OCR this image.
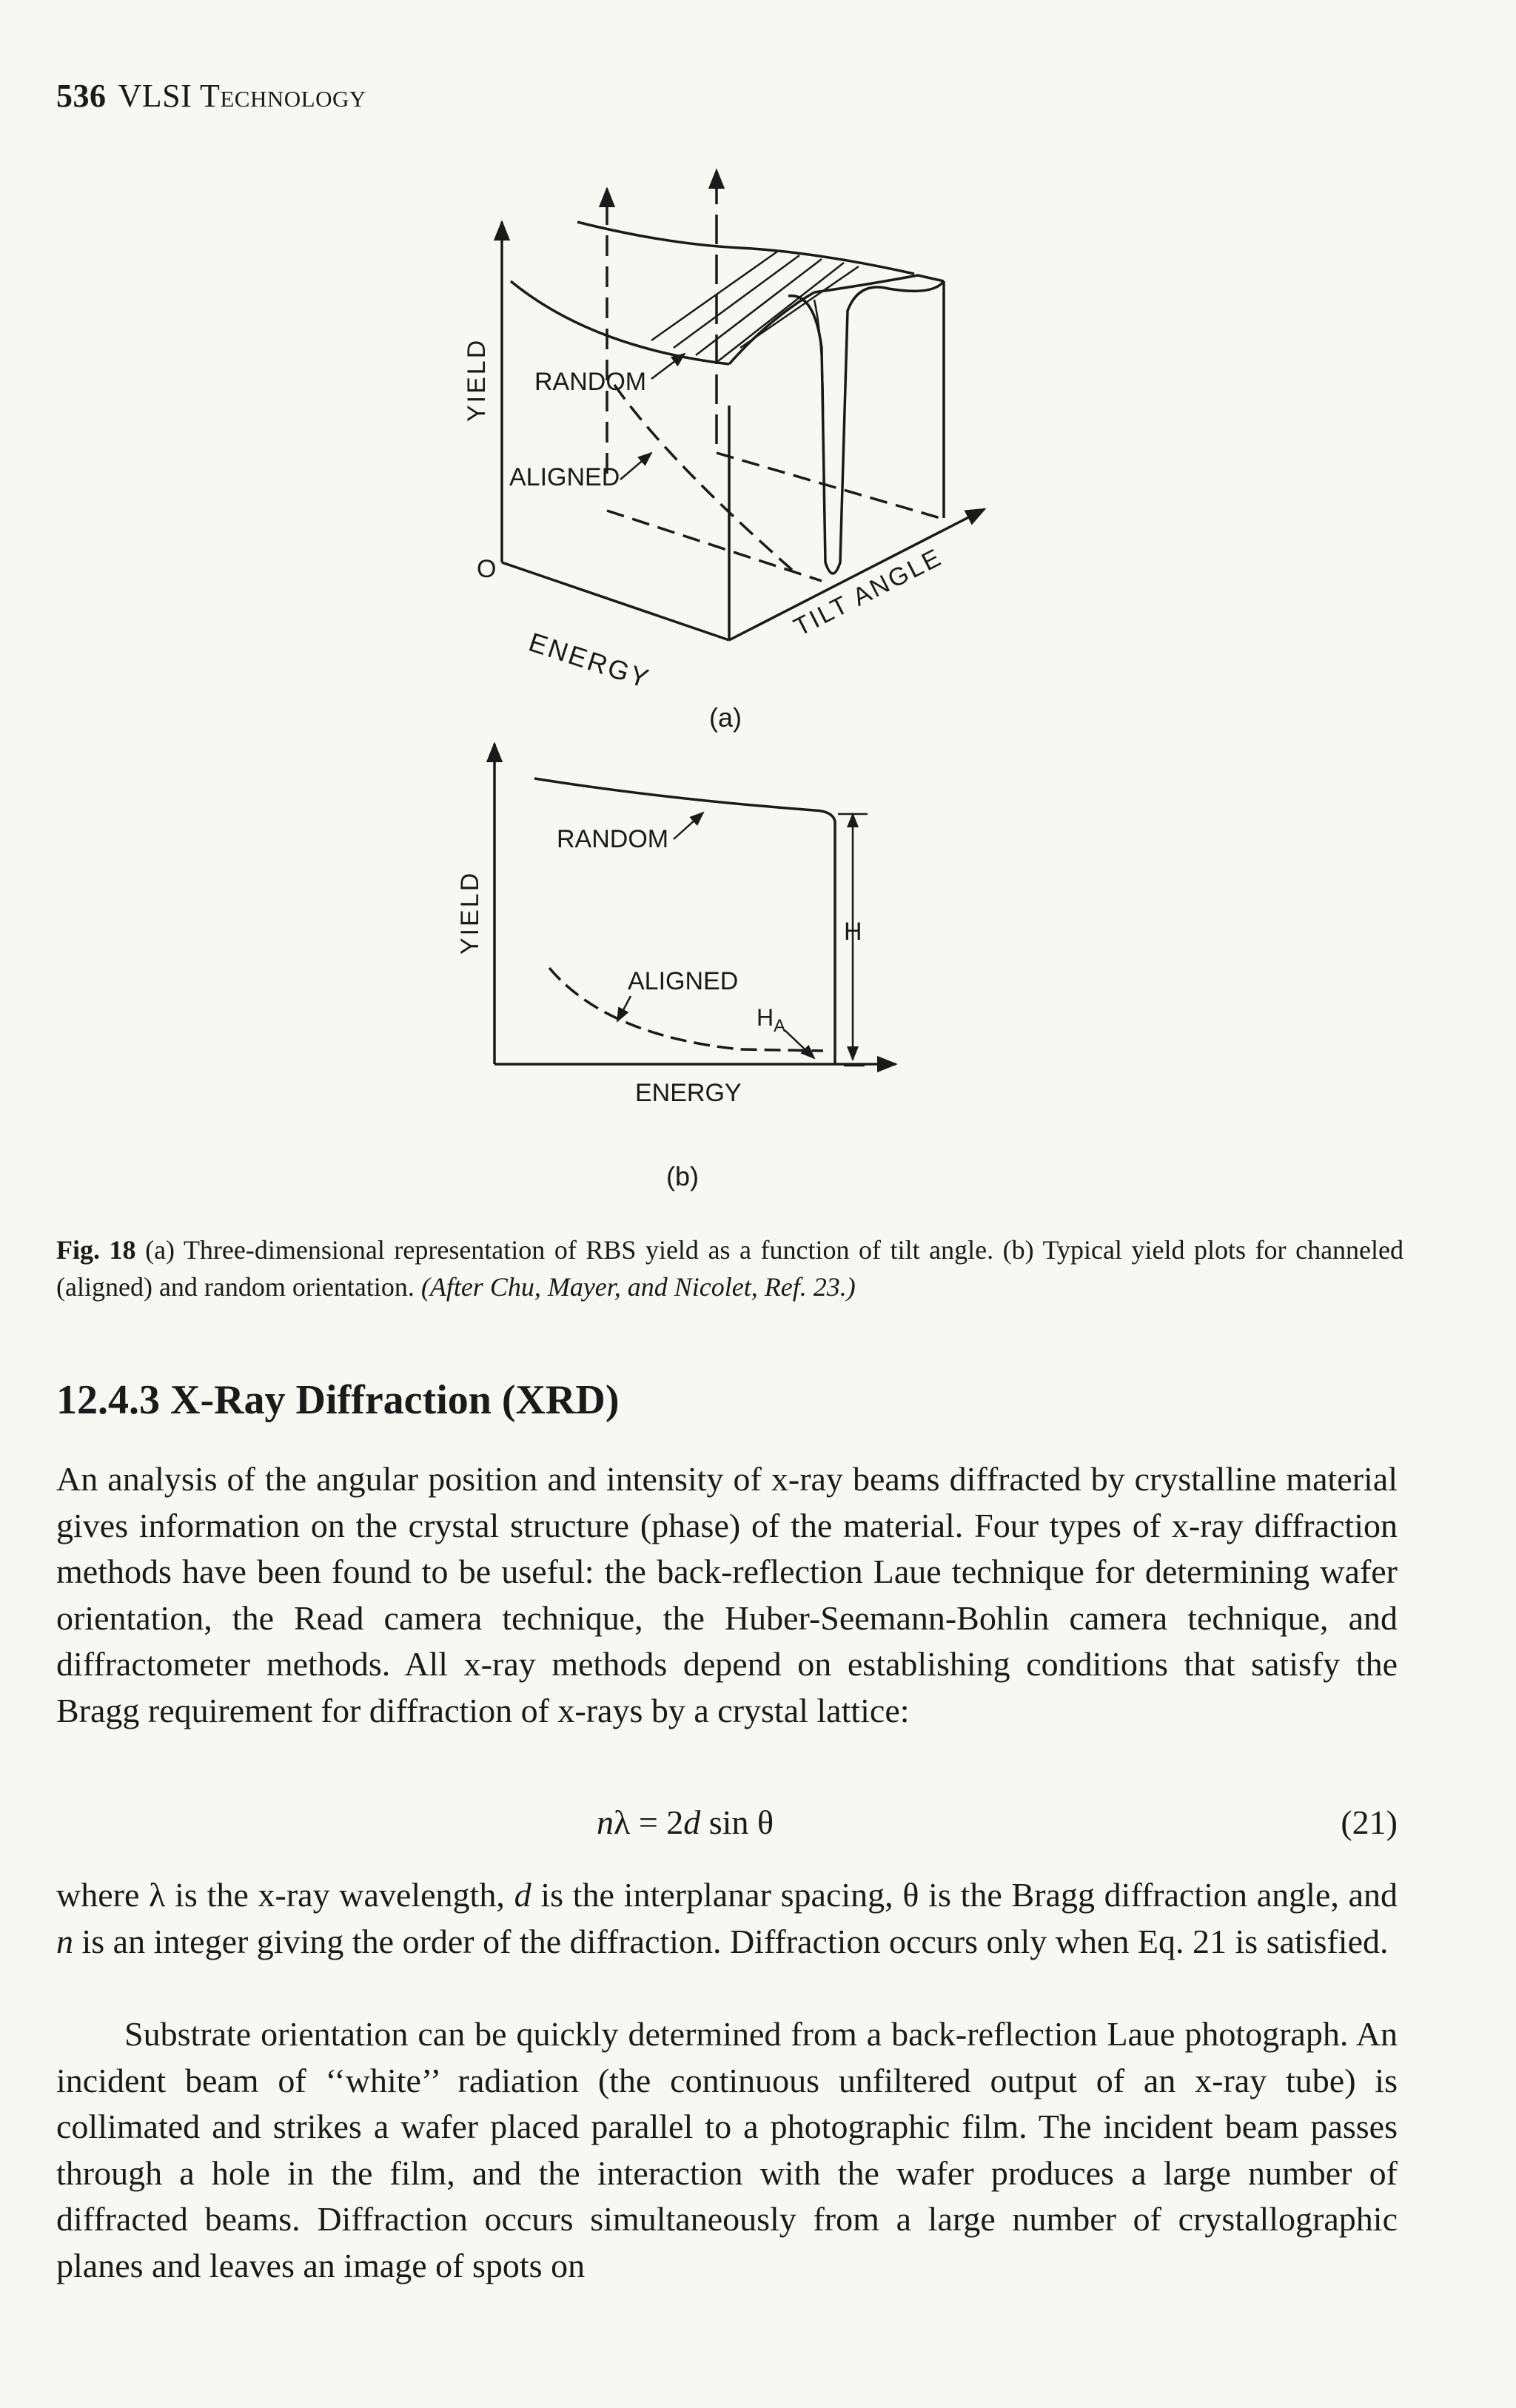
536 VLSI Technology
YIELD RANDOM
ALIGNED
O
ENERGY
TILT ANGLE
(a)
YIELD
RANDOM
ALIGNED
H
$H_A$
ENERGY
(b)
Fig. 18 (a) Three-dimensional representation of RBS yield as a function of tilt angle. (b) Typical yield plots for channeled (aligned) and random orientation. (After Chu, Mayer, and Nicolet, Ref. 23.)
12.4.3 X-Ray Diffraction (XRD)

An analysis of the angular position and intensity of x-ray beams diffracted by crystalline material gives information on the crystal structure (phase) of the material. Four types of x-ray diffraction methods have been found to be useful: the back-reflection Laue technique for determining wafer orientation, the Read camera technique, the Huber-Seemann-Bohlin camera technique, and diffractometer methods. All x-ray methods depend on establishing conditions that satisfy the Bragg requirement for diffraction of x-rays by a crystal lattice:

nλ = 2d sin θ	(21)

where λ is the x-ray wavelength, d is the interplanar spacing, θ is the Bragg diffraction angle, and n is an integer giving the order of the diffraction. Diffraction occurs only when Eq. 21 is satisfied.

Substrate orientation can be quickly determined from a back-reflection Laue photograph. An incident beam of ‘‘white’’ radiation (the continuous unfiltered output of an x-ray tube) is collimated and strikes a wafer placed parallel to a photographic film. The incident beam passes through a hole in the film, and the interaction with the wafer produces a large number of diffracted beams. Diffraction occurs simultaneously from a large number of crystallographic planes and leaves an image of spots on
